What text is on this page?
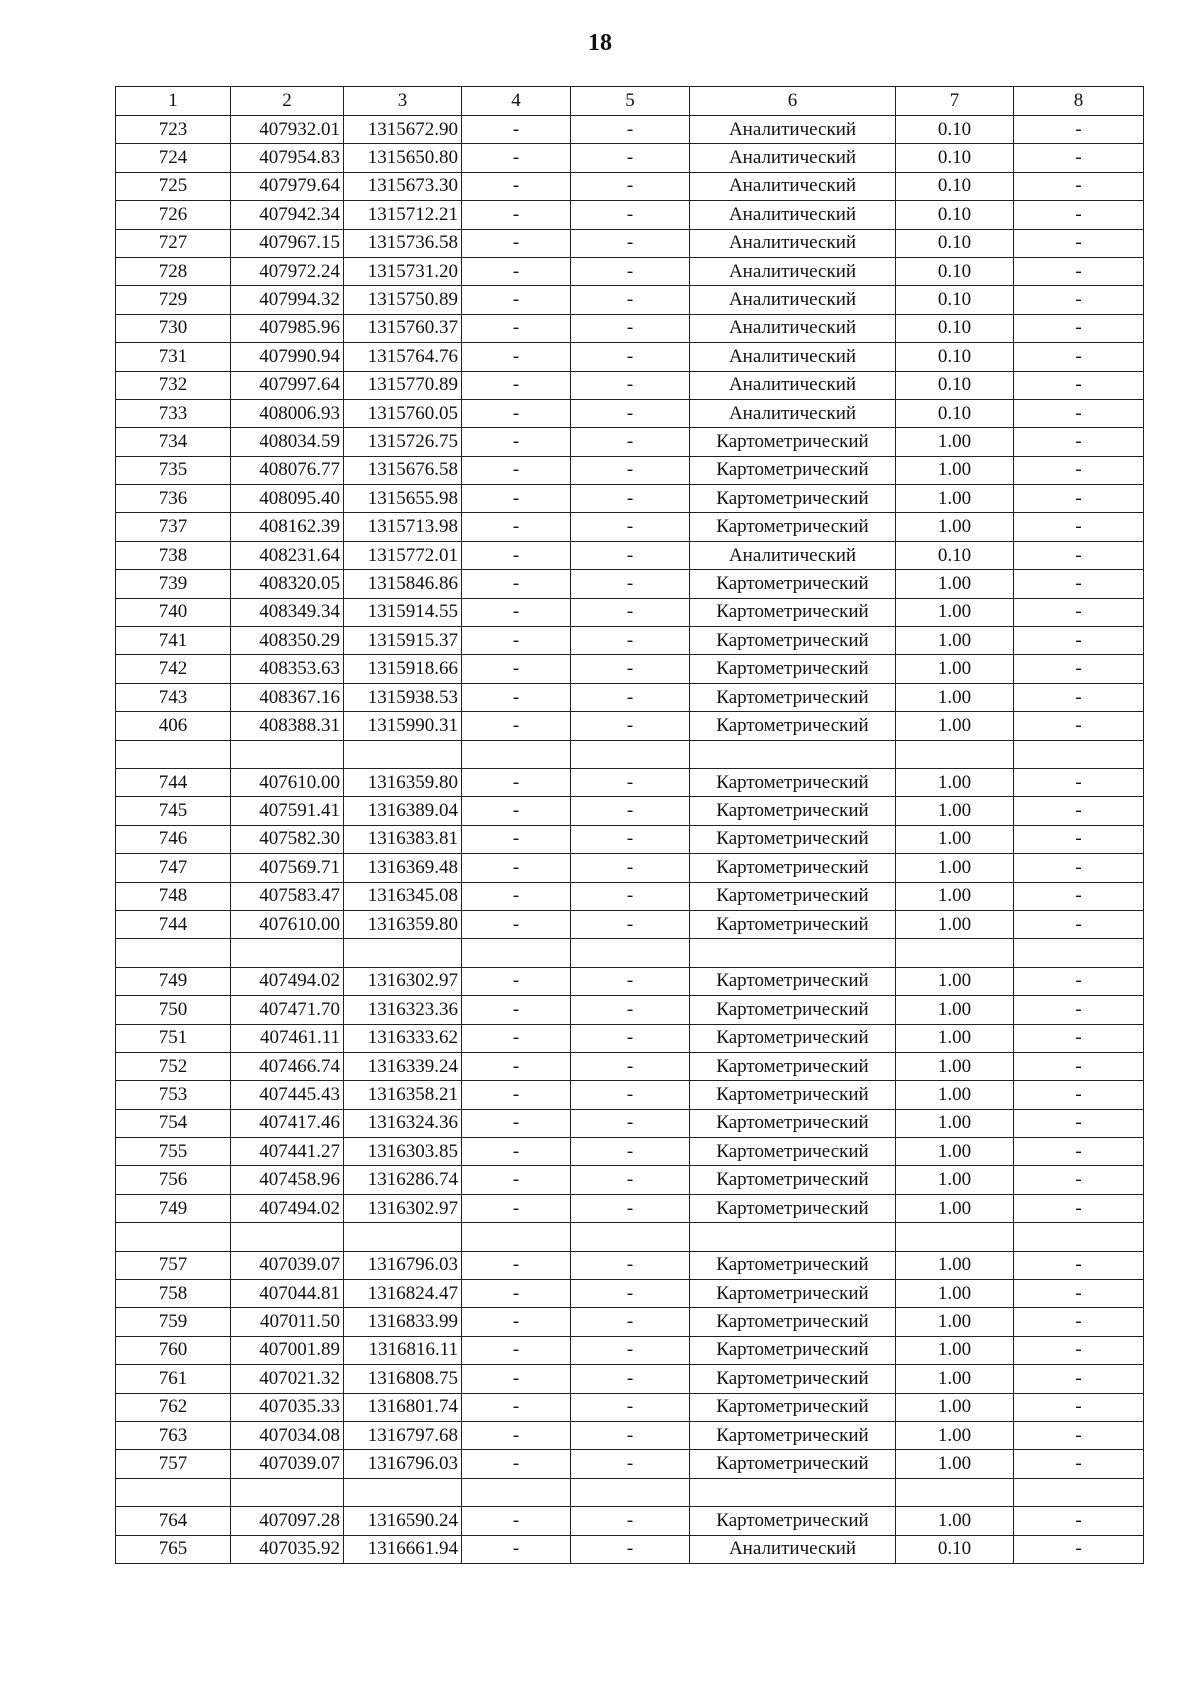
18
1	2	3	4	5	6	7	8
723	407932.01	1315672.90	-	-	Аналитический	0.10	-
724	407954.83	1315650.80	-	-	Аналитический	0.10	-
725	407979.64	1315673.30	-	-	Аналитический	0.10	-
726	407942.34	1315712.21	-	-	Аналитический	0.10	-
727	407967.15	1315736.58	-	-	Аналитический	0.10	-
728	407972.24	1315731.20	-	-	Аналитический	0.10	-
729	407994.32	1315750.89	-	-	Аналитический	0.10	-
730	407985.96	1315760.37	-	-	Аналитический	0.10	-
731	407990.94	1315764.76	-	-	Аналитический	0.10	-
732	407997.64	1315770.89	-	-	Аналитический	0.10	-
733	408006.93	1315760.05	-	-	Аналитический	0.10	-
734	408034.59	1315726.75	-	-	Картометрический	1.00	-
735	408076.77	1315676.58	-	-	Картометрический	1.00	-
736	408095.40	1315655.98	-	-	Картометрический	1.00	-
737	408162.39	1315713.98	-	-	Картометрический	1.00	-
738	408231.64	1315772.01	-	-	Аналитический	0.10	-
739	408320.05	1315846.86	-	-	Картометрический	1.00	-
740	408349.34	1315914.55	-	-	Картометрический	1.00	-
741	408350.29	1315915.37	-	-	Картометрический	1.00	-
742	408353.63	1315918.66	-	-	Картометрический	1.00	-
743	408367.16	1315938.53	-	-	Картометрический	1.00	-
406	408388.31	1315990.31	-	-	Картометрический	1.00	-

744	407610.00	1316359.80	-	-	Картометрический	1.00	-
745	407591.41	1316389.04	-	-	Картометрический	1.00	-
746	407582.30	1316383.81	-	-	Картометрический	1.00	-
747	407569.71	1316369.48	-	-	Картометрический	1.00	-
748	407583.47	1316345.08	-	-	Картометрический	1.00	-
744	407610.00	1316359.80	-	-	Картометрический	1.00	-

749	407494.02	1316302.97	-	-	Картометрический	1.00	-
750	407471.70	1316323.36	-	-	Картометрический	1.00	-
751	407461.11	1316333.62	-	-	Картометрический	1.00	-
752	407466.74	1316339.24	-	-	Картометрический	1.00	-
753	407445.43	1316358.21	-	-	Картометрический	1.00	-
754	407417.46	1316324.36	-	-	Картометрический	1.00	-
755	407441.27	1316303.85	-	-	Картометрический	1.00	-
756	407458.96	1316286.74	-	-	Картометрический	1.00	-
749	407494.02	1316302.97	-	-	Картометрический	1.00	-

757	407039.07	1316796.03	-	-	Картометрический	1.00	-
758	407044.81	1316824.47	-	-	Картометрический	1.00	-
759	407011.50	1316833.99	-	-	Картометрический	1.00	-
760	407001.89	1316816.11	-	-	Картометрический	1.00	-
761	407021.32	1316808.75	-	-	Картометрический	1.00	-
762	407035.33	1316801.74	-	-	Картометрический	1.00	-
763	407034.08	1316797.68	-	-	Картометрический	1.00	-
757	407039.07	1316796.03	-	-	Картометрический	1.00	-

764	407097.28	1316590.24	-	-	Картометрический	1.00	-
765	407035.92	1316661.94	-	-	Аналитический	0.10	-
